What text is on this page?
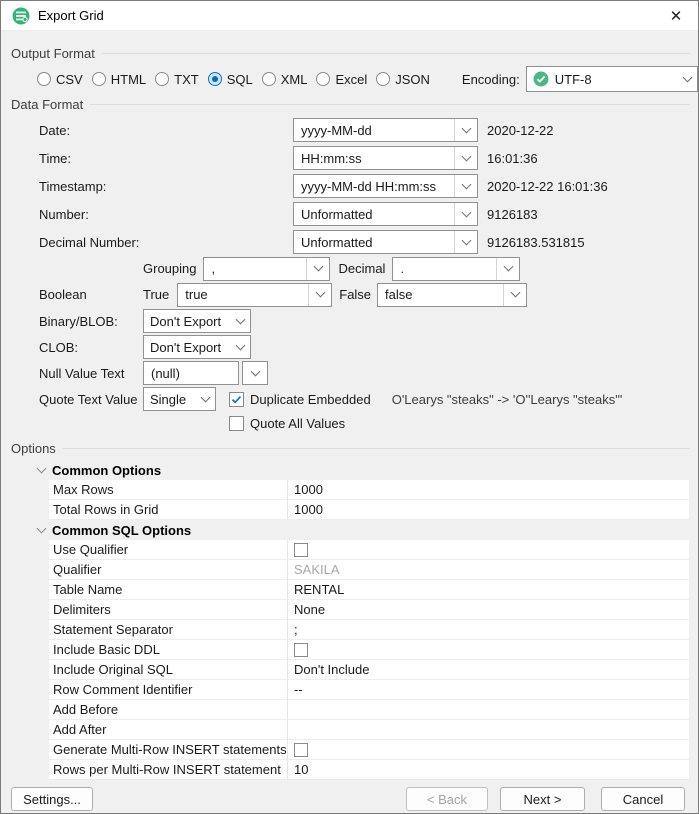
Export Grid	✕
Output Format
CSV HTML TXT SQL XML Excel JSON Encoding:	UTF-8
Data Format
Date:	yyyy-MM-dd	2020-12-22
Time:	HH:mm:ss	16:01:36
Timestamp:	yyyy-MM-dd HH:mm:ss	2020-12-22 16:01:36
Number:	Unformatted	9126183
Decimal Number:	Unformatted	9126183.531815
Grouping	,	Decimal	.
Boolean	True	true	False	false
Binary/BLOB:	Don't Export
CLOB:	Don't Export
Null Value Text	(null)
Quote Text Value Single	Duplicate Embedded O'Learys "steaks" -> 'O''Learys "steaks"'
Quote All Values
Options
Common Options
Max Rows	1000
Total Rows in Grid	1000
Common SQL Options
Use Qualifier
Qualifier	SAKILA
Table Name	RENTAL
Delimiters	None
Statement Separator	;
Include Basic DDL
Include Original SQL	Don't Include
Row Comment Identifier	--
Add Before
Add After
Generate Multi-Row INSERT statements
Rows per Multi-Row INSERT statement	10
Settings...	< Back	Next >	Cancel
